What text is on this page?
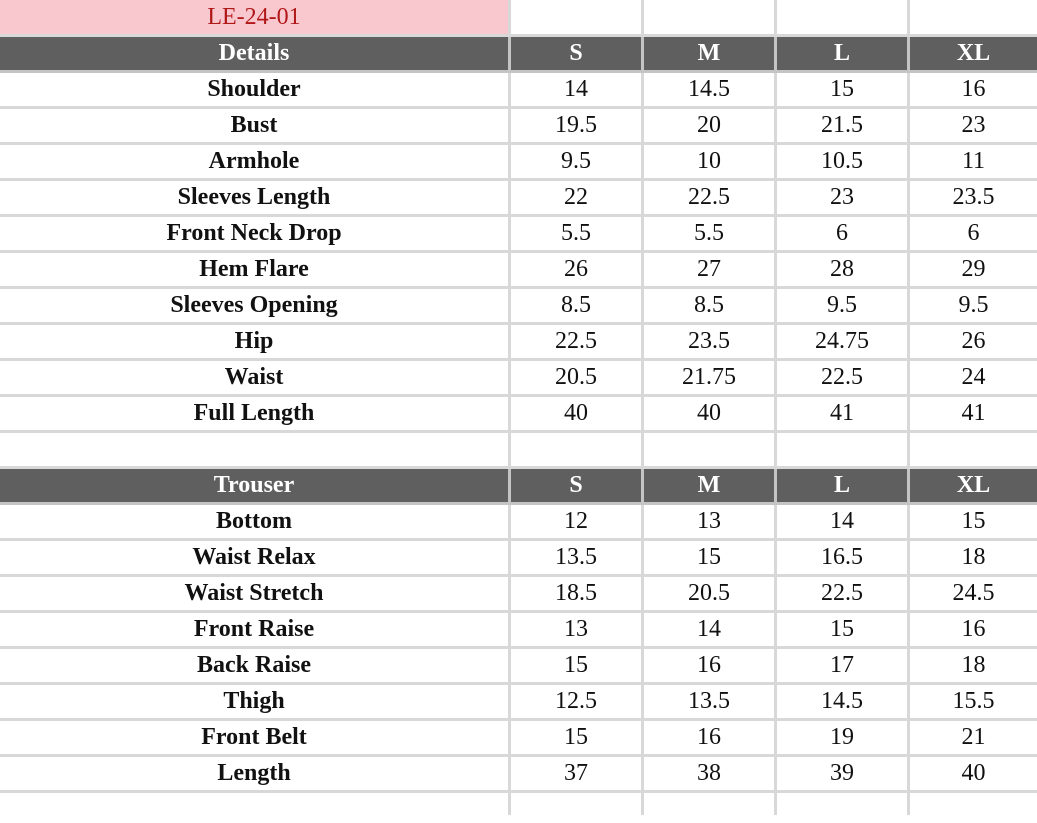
LE-24-01				
Details	S	M	L	XL
Shoulder	14	14.5	15	16
Bust	19.5	20	21.5	23
Armhole	9.5	10	10.5	11
Sleeves Length	22	22.5	23	23.5
Front Neck Drop	5.5	5.5	6	6
Hem Flare	26	27	28	29
Sleeves Opening	8.5	8.5	9.5	9.5
Hip	22.5	23.5	24.75	26
Waist	20.5	21.75	22.5	24
Full Length	40	40	41	41

Trouser	S	M	L	XL
Bottom	12	13	14	15
Waist Relax	13.5	15	16.5	18
Waist Stretch	18.5	20.5	22.5	24.5
Front Raise	13	14	15	16
Back Raise	15	16	17	18
Thigh	12.5	13.5	14.5	15.5
Front Belt	15	16	19	21
Length	37	38	39	40
